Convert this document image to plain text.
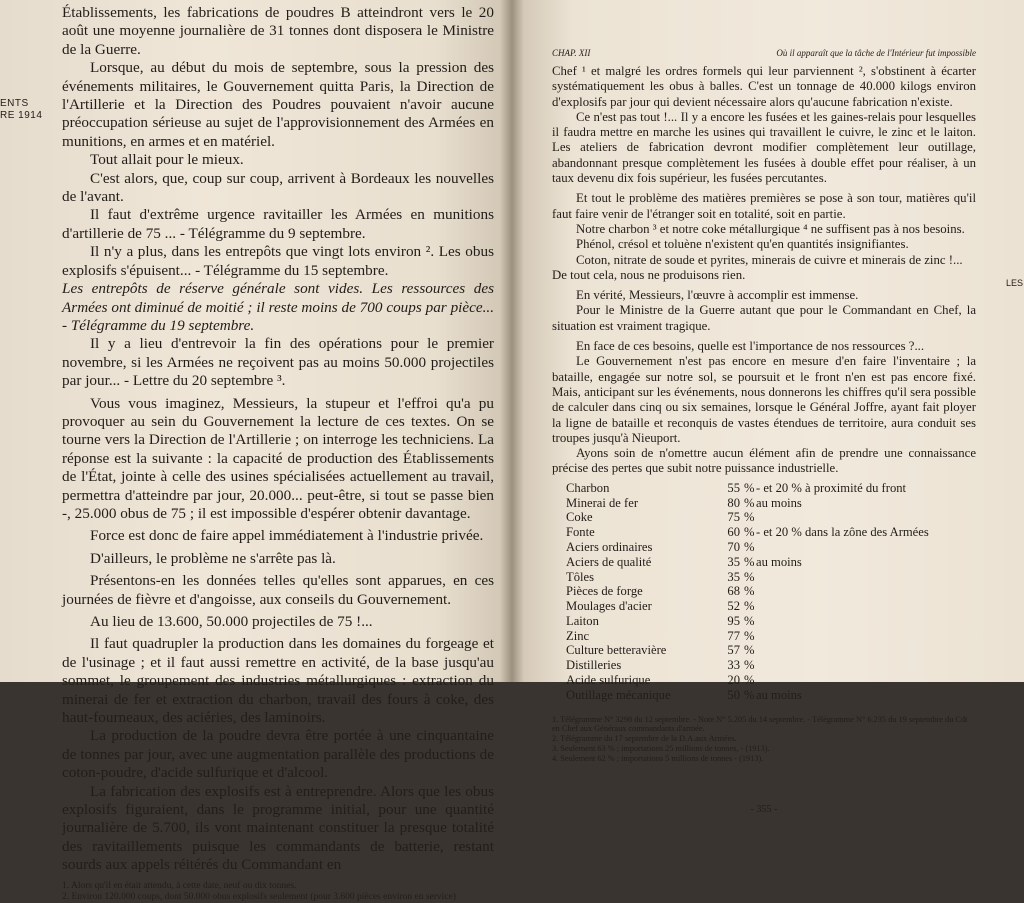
Établissements, les fabrications de poudres B atteindront vers le 20 août une moyenne journalière de 31 tonnes dont disposera le Ministre de la Guerre.

Lorsque, au début du mois de septembre, sous la pression des événements militaires, le Gouvernement quitta Paris, la Direction de l'Artillerie et la Direction des Poudres pouvaient n'avoir aucune préoccupation sérieuse au sujet de l'approvisionnement des Armées en munitions, en armes et en matériel.

Tout allait pour le mieux.

C'est alors, que, coup sur coup, arrivent à Bordeaux les nouvelles de l'avant.

Il faut d'extrême urgence ravitailler les Armées en munitions d'artillerie de 75 ... - Télégramme du 9 septembre.

Il n'y a plus, dans les entrepôts que vingt lots environ ². Les obus explosifs s'épuisent... - Télégramme du 15 septembre.

Les entrepôts de réserve générale sont vides. Les ressources des Armées ont diminué de moitié ; il reste moins de 700 coups par pièce... - Télégramme du 19 septembre.

Il y a lieu d'entrevoir la fin des opérations pour le premier novembre, si les Armées ne reçoivent pas au moins 50.000 projectiles par jour... - Lettre du 20 septembre ³.

Vous vous imaginez, Messieurs, la stupeur et l'effroi qu'a pu provoquer au sein du Gouvernement la lecture de ces textes. On se tourne vers la Direction de l'Artillerie ; on interroge les techniciens. La réponse est la suivante : la capacité de production des Établissements de l'État, jointe à celle des usines spécialisées actuellement au travail, permettra d'atteindre par jour, 20.000... peut-être, si tout se passe bien -, 25.000 obus de 75 ; il est impossible d'espérer obtenir davantage.

Force est donc de faire appel immédiatement à l'industrie privée.

D'ailleurs, le problème ne s'arrête pas là.

Présentons-en les données telles qu'elles sont apparues, en ces journées de fièvre et d'angoisse, aux conseils du Gouvernement.

Au lieu de 13.600, 50.000 projectiles de 75 !...

Il faut quadrupler la production dans les domaines du forgeage et de l'usinage ; et il faut aussi remettre en activité, de la base jusqu'au sommet, le groupement des industries métallurgiques : extraction du minerai de fer et extraction du charbon, travail des fours à coke, des haut-fourneaux, des aciéries, des laminoirs.

La production de la poudre devra être portée à une cinquantaine de tonnes par jour, avec une augmentation parallèle des productions de coton-poudre, d'acide sulfurique et d'alcool.

La fabrication des explosifs est à entreprendre. Alors que les obus explosifs figuraient, dans le programme initial, pour une quantité journalière de 5.700, ils vont maintenant constituer la presque totalité des ravitaillements puisque les commandants de batterie, restant sourds aux appels réitérés du Commandant en

1. Alors qu'il en était attendu, à cette date, neuf ou dix tonnes.
2. Environ 120.000 coups, dont 50.000 obus explosifs seulement (pour 3.600 pièces environ en service)
CHAP. XII	Où il apparaît que la tâche de l'Intérieur fut impossible

Chef ¹ et malgré les ordres formels qui leur parviennent ², s'obstinent à écarter systématiquement les obus à balles. C'est un tonnage de 40.000 kilogs environ d'explosifs par jour qui devient nécessaire alors qu'aucune fabrication n'existe.

Ce n'est pas tout !... Il y a encore les fusées et les gaines-relais pour lesquelles il faudra mettre en marche les usines qui travaillent le cuivre, le zinc et le laiton. Les ateliers de fabrication devront modifier complètement leur outillage, abandonnant presque complètement les fusées à double effet pour réaliser, à un taux devenu dix fois supérieur, les fusées percutantes.

Et tout le problème des matières premières se pose à son tour, matières qu'il faut faire venir de l'étranger soit en totalité, soit en partie.

Notre charbon ³ et notre coke métallurgique ⁴ ne suffisent pas à nos besoins.

Phénol, crésol et toluène n'existent qu'en quantités insignifiantes.

Coton, nitrate de soude et pyrites, minerais de cuivre et minerais de zinc !...

De tout cela, nous ne produisons rien.

En vérité, Messieurs, l'œuvre à accomplir est immense.

Pour le Ministre de la Guerre autant que pour le Commandant en Chef, la situation est vraiment tragique.

En face de ces besoins, quelle est l'importance de nos ressources ?...

Le Gouvernement n'est pas encore en mesure d'en faire l'inventaire ; la bataille, engagée sur notre sol, se poursuit et le front n'en est pas encore fixé. Mais, anticipant sur les événements, nous donnerons les chiffres qu'il sera possible de calculer dans cinq ou six semaines, lorsque le Général Joffre, ayant fait ployer la ligne de bataille et reconquis de vastes étendues de territoire, aura conduit ses troupes jusqu'à Nieuport.

Ayons soin de n'omettre aucun élément afin de prendre une connaissance précise des pertes que subit notre puissance industrielle.

Charbon	55	%	- et 20 % à proximité du front
Minerai de fer	80	%	au moins
Coke	75	%	
Fonte	60	%	- et 20 % dans la zône des Armées
Aciers ordinaires	70	%	
Aciers de qualité	35	%	au moins
Tôles	35	%	
Pièces de forge	68	%	
Moulages d'acier	52	%	
Laiton	95	%	
Zinc	77	%	
Culture betteravière	57	%	
Distilleries	33	%	
Acide sulfurique	20	%	
Outillage mécanique	50	%	au moins
1. Télégramme N° 3298 du 12 septembre. - Note N° 5.205 du 14 septembre. - Télégramme N° 6.235 du 19 septembre du Cdt en Chef aux Généraux commandants d'armée.
2. Télégramme du 17 septembre de la D.A.aux Armées.
3. Seulement 63 % ; importations 25 millions de tonnes, - (1913).
4. Seulement 62 % ; importations 5 millions de tonnes - (1913).
- 355 -
ENTS
RE 1914
LES
